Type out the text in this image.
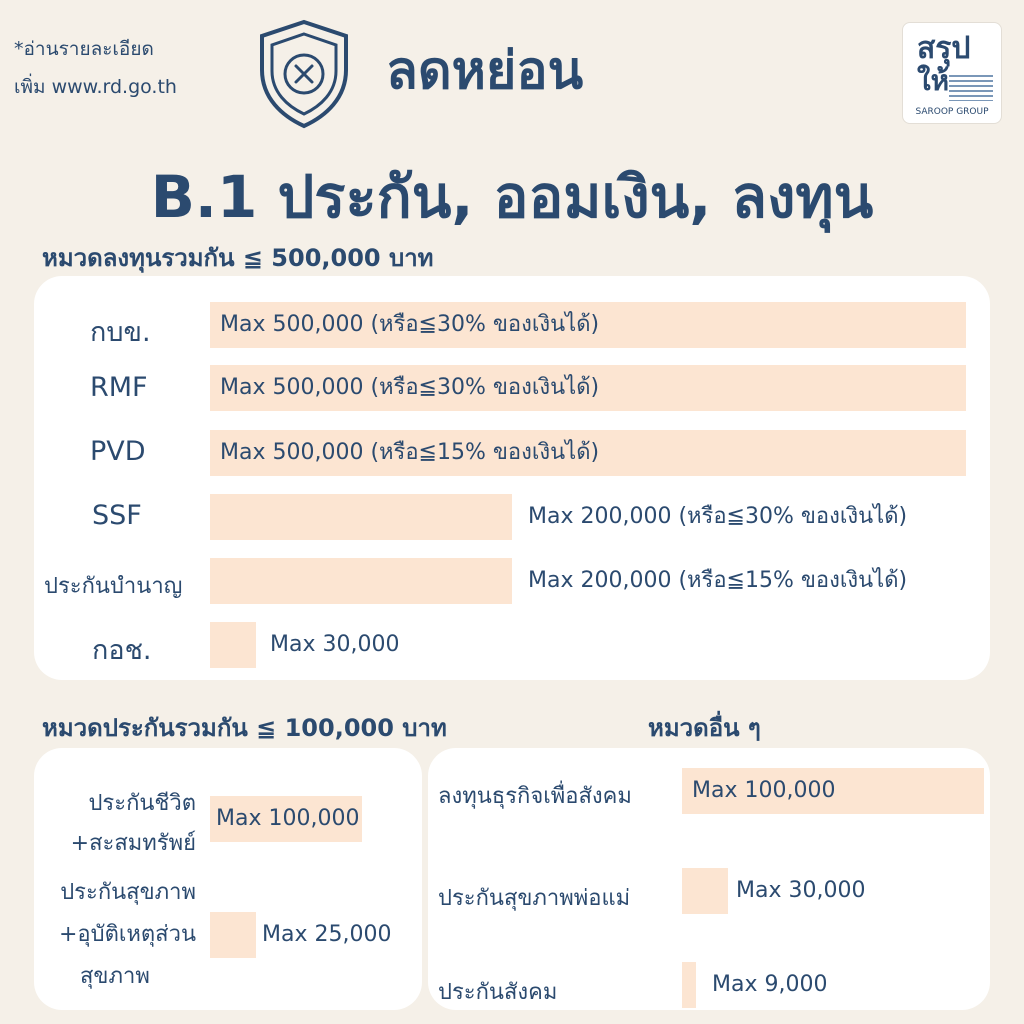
*อ่านรายละเอียด
เพิ่ม www.rd.go.th	ลดหย่อน	สรุป
ให้
SAROOP GROUP
B.1 ประกัน, ออมเงิน, ลงทุน
หมวดลงทุนรวมกัน ≦ 500,000 บาท
กบข.	Max 500,000 (หรือ≦30% ของเงินได้)
RMF	Max 500,000 (หรือ≦30% ของเงินได้)
PVD	Max 500,000 (หรือ≦15% ของเงินได้)
SSF	Max 200,000 (หรือ≦30% ของเงินได้)
ประกันบำนาญ	Max 200,000 (หรือ≦15% ของเงินได้)
กอช.	Max 30,000
หมวดประกันรวมกัน ≦ 100,000 บาท	หมวดอื่น ๆ
ประกันชีวิต
+สะสมทรัพย์
Max 100,000
ประกันสุขภาพ
+อุบัติเหตุส่วน
สุขภาพ
Max 25,000
ลงทุนธุรกิจเพื่อสังคม	Max 100,000
ประกันสุขภาพพ่อแม่	Max 30,000
ประกันสังคม	Max 9,000
